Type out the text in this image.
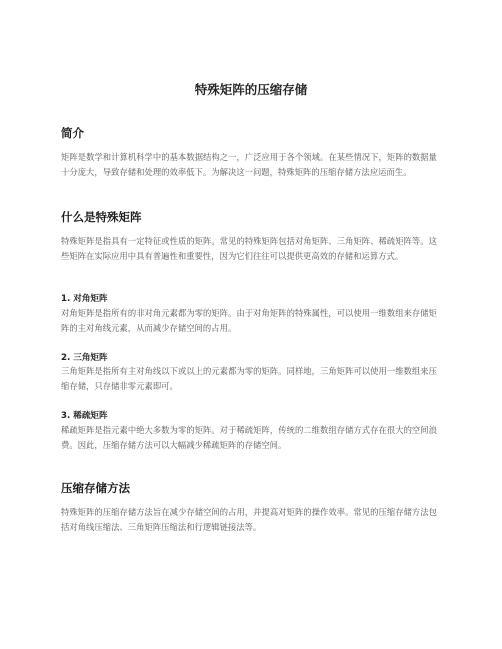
特殊矩阵的压缩存储
简介

矩阵是数学和计算机科学中的基本数据结构之一，广泛应用于各个领域。在某些情况下，矩阵的数据量十分庞大，导致存储和处理的效率低下。为解决这一问题，特殊矩阵的压缩存储方法应运而生。

什么是特殊矩阵

特殊矩阵是指具有一定特征或性质的矩阵。常见的特殊矩阵包括对角矩阵、三角矩阵、稀疏矩阵等。这些矩阵在实际应用中具有普遍性和重要性，因为它们往往可以提供更高效的存储和运算方式。

1. 对角矩阵

对角矩阵是指所有的非对角元素都为零的矩阵。由于对角矩阵的特殊属性，可以使用一维数组来存储矩阵的主对角线元素，从而减少存储空间的占用。

2. 三角矩阵

三角矩阵是指所有主对角线以下或以上的元素都为零的矩阵。同样地，三角矩阵可以使用一维数组来压缩存储，只存储非零元素即可。

3. 稀疏矩阵

稀疏矩阵是指元素中绝大多数为零的矩阵。对于稀疏矩阵，传统的二维数组存储方式存在很大的空间浪费。因此，压缩存储方法可以大幅减少稀疏矩阵的存储空间。

压缩存储方法

特殊矩阵的压缩存储方法旨在减少存储空间的占用，并提高对矩阵的操作效率。常见的压缩存储方法包括对角线压缩法、三角矩阵压缩法和行逻辑链接法等。
